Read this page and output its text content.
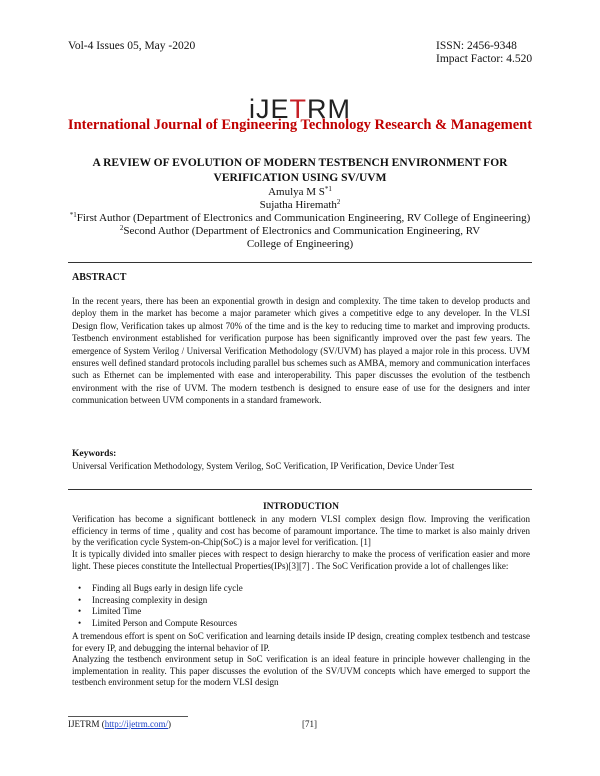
Vol-4 Issues 05, May -2020	ISSN: 2456-9348
Impact Factor: 4.520
iJETRM
International Journal of Engineering Technology Research & Management
A REVIEW OF EVOLUTION OF MODERN TESTBENCH ENVIRONMENT FOR VERIFICATION USING SV/UVM
Amulya M $S^{*1}$
Sujatha Hiremath$^2$
$^{*1}$First Author (Department of Electronics and Communication Engineering, RV College of Engineering)
$^2$Second Author (Department of Electronics and Communication Engineering, RV College of Engineering)
ABSTRACT
In the recent years, there has been an exponential growth in design and complexity. The time taken to develop products and deploy them in the market has become a major parameter which gives a competitive edge to any developer. In the VLSI Design flow, Verification takes up almost 70% of the time and is the key to reducing time to market and improving products. Testbench environment established for verification purpose has been significantly improved over the past few years. The emergence of System Verilog / Universal Verification Methodology (SV/UVM) has played a major role in this process. UVM ensures well defined standard protocols including parallel bus schemes such as AMBA, memory and communication interfaces such as Ethernet can be implemented with ease and interoperability. This paper discusses the evolution of the testbench environment with the rise of UVM. The modern testbench is designed to ensure ease of use for the designers and inter communication between UVM components in a standard framework.
Keywords:
Universal Verification Methodology, System Verilog, SoC Verification, IP Verification, Device Under Test
INTRODUCTION
Verification has become a significant bottleneck in any modern VLSI complex design flow. Improving the verification efficiency in terms of time , quality and cost has become of paramount importance. The time to market is also mainly driven by the verification cycle System-on-Chip(SoC) is a major level for verification. [1]
It is typically divided into smaller pieces with respect to design hierarchy to make the process of verification easier and more light. These pieces constitute the Intellectual Properties(IPs)[3][7] . The SoC Verification provide a lot of challenges like:
• Finding all Bugs early in design life cycle
• Increasing complexity in design
• Limited Time
• Limited Person and Compute Resources
A tremendous effort is spent on SoC verification and learning details inside IP design, creating complex testbench and testcase for every IP, and debugging the internal behavior of IP.
Analyzing the testbench environment setup in SoC verification is an ideal feature in principle however challenging in the implementation in reality. This paper discusses the evolution of the SV/UVM concepts which have emerged to support the testbench environment setup for the modern VLSI design
IJETRM (http://ijetrm.com/)	[71]
